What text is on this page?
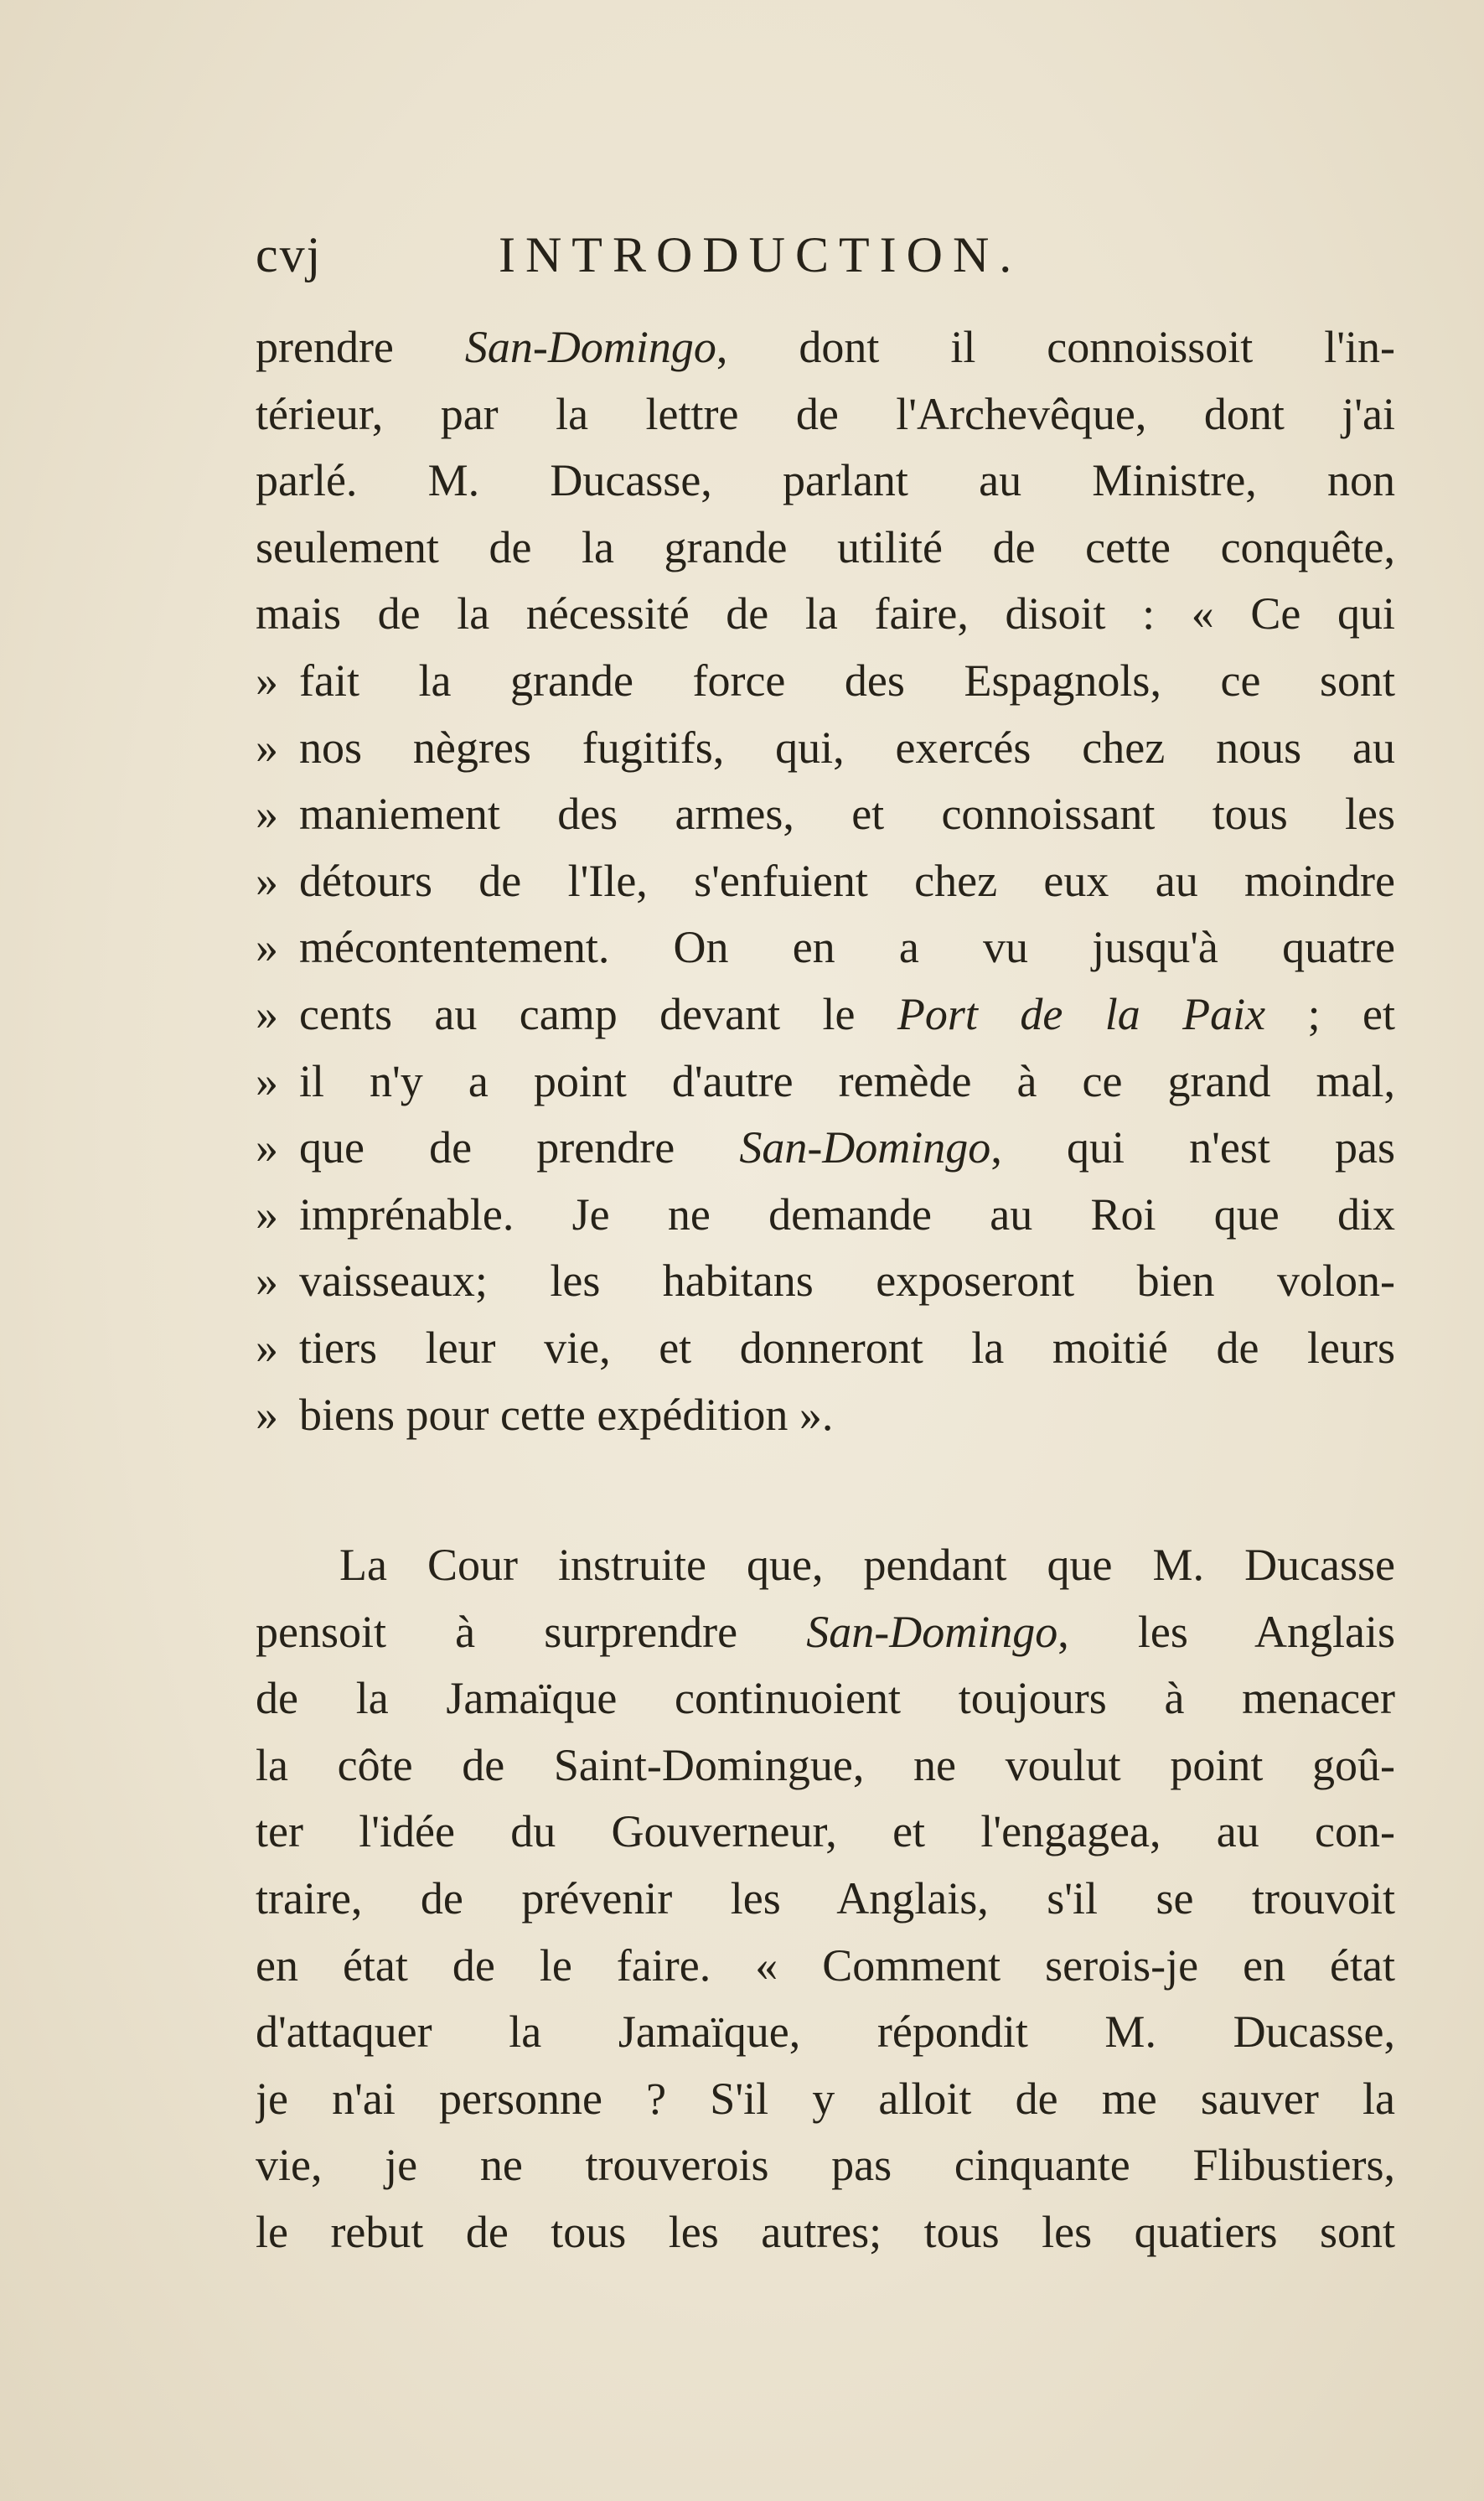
cvj	INTRODUCTION.
prendre San-Domingo, dont il connoissoit l'in-
térieur, par la lettre de l'Archevêque, dont j'ai
parlé. M. Ducasse, parlant au Ministre, non
seulement de la grande utilité de cette conquête,
mais de la nécessité de la faire, disoit : « Ce qui
» fait la grande force des Espagnols, ce sont
» nos nègres fugitifs, qui, exercés chez nous au
» maniement des armes, et connoissant tous les
» détours de l'Ile, s'enfuient chez eux au moindre
» mécontentement. On en a vu jusqu'à quatre
» cents au camp devant le Port de la Paix ; et
» il n'y a point d'autre remède à ce grand mal,
» que de prendre San-Domingo, qui n'est pas
» imprénable. Je ne demande au Roi que dix
» vaisseaux; les habitans exposeront bien volon-
» tiers leur vie, et donneront la moitié de leurs
» biens pour cette expédition ».
La Cour instruite que, pendant que M. Ducasse
pensoit à surprendre San-Domingo, les Anglais
de la Jamaïque continuoient toujours à menacer
la côte de Saint-Domingue, ne voulut point goû-
ter l'idée du Gouverneur, et l'engagea, au con-
traire, de prévenir les Anglais, s'il se trouvoit
en état de le faire. « Comment serois-je en état
d'attaquer la Jamaïque, répondit M. Ducasse,
je n'ai personne ? S'il y alloit de me sauver la
vie, je ne trouverois pas cinquante Flibustiers,
le rebut de tous les autres; tous les quatiers sont
